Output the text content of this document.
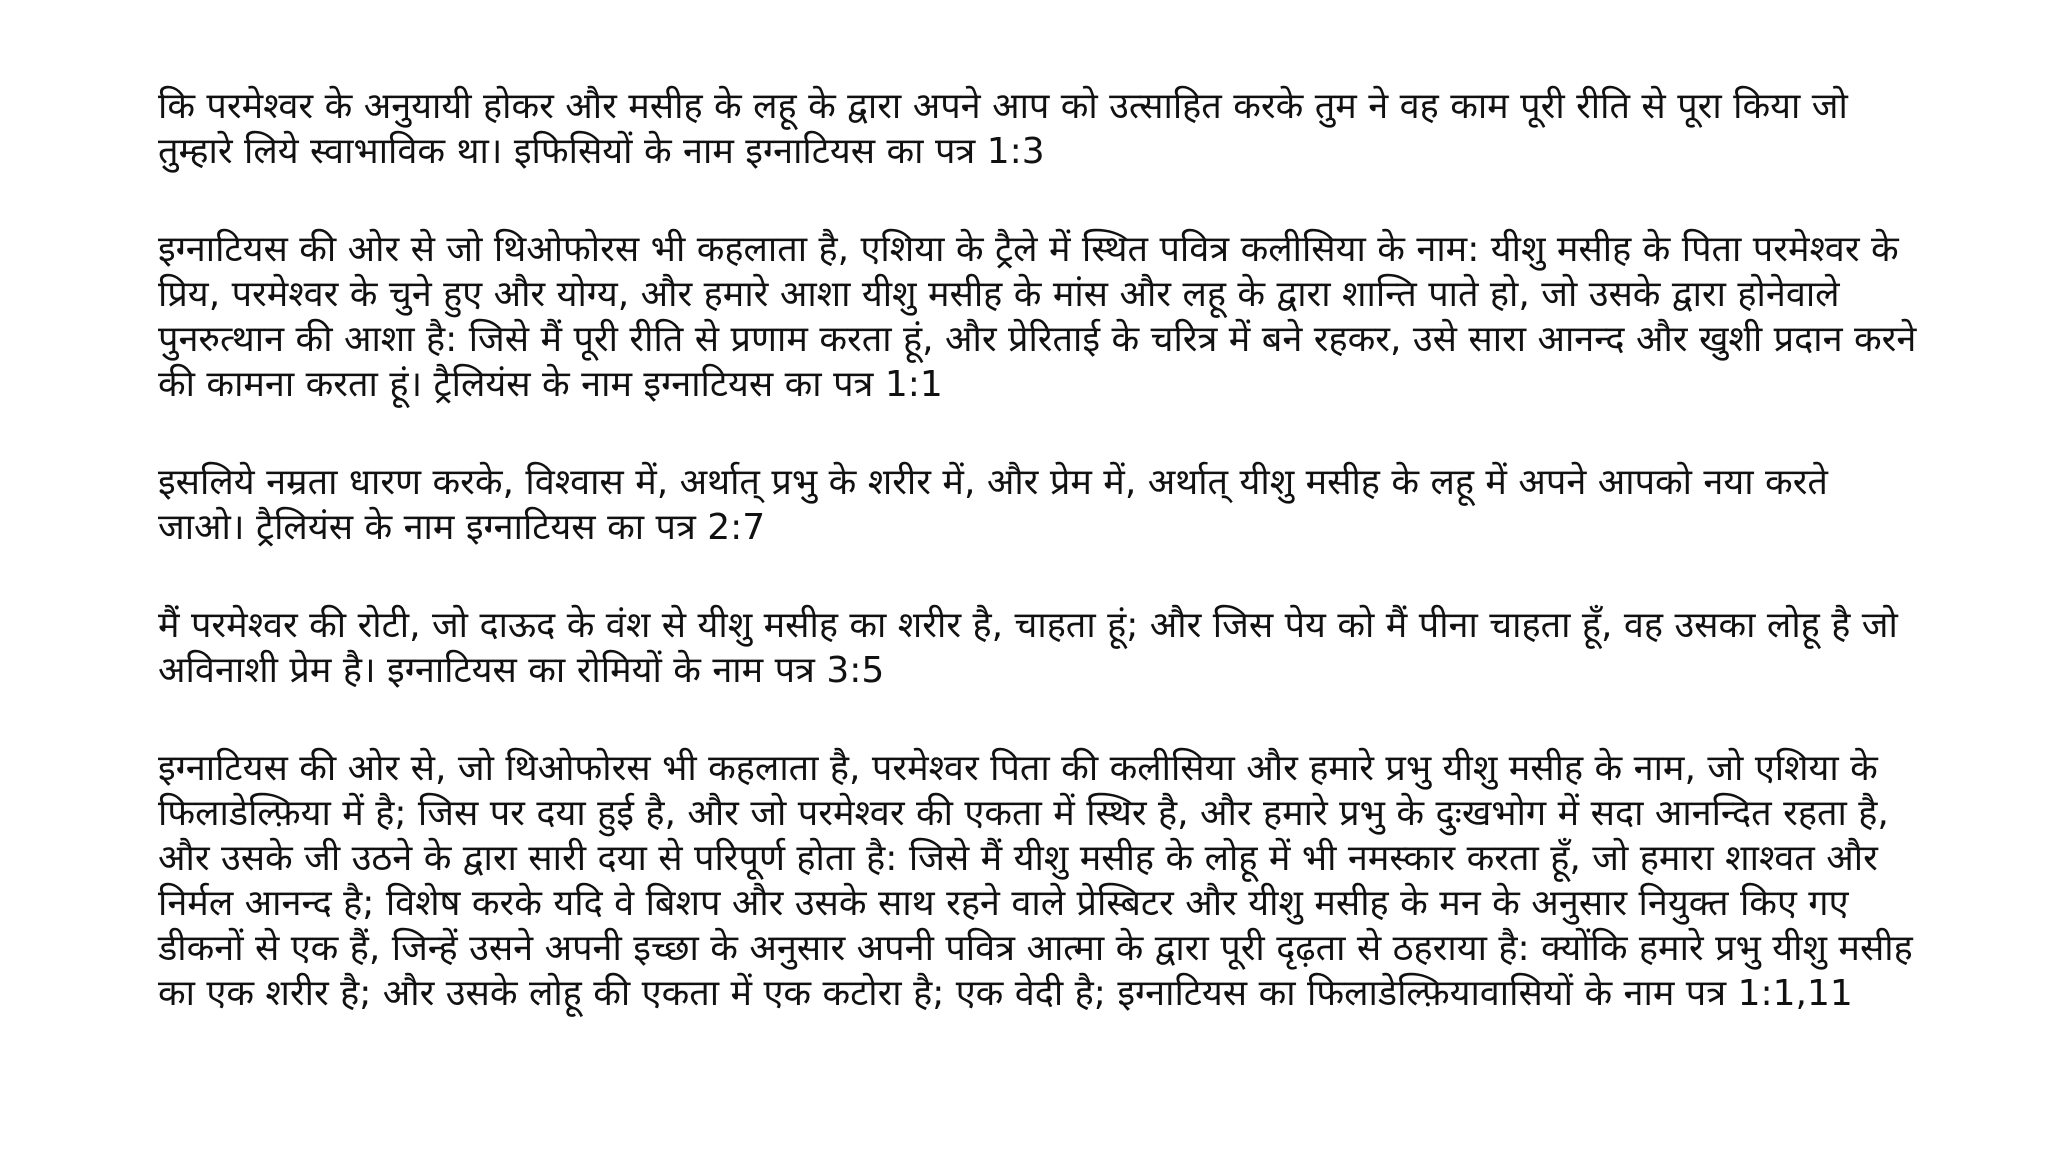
कि परमेश्वर के अनुयायी होकर और मसीह के लहू के द्वारा अपने आप को उत्साहित करके तुम ने वह काम पूरी रीति से पूरा किया जो तुम्हारे लिये स्वाभाविक था। इफिसियों के नाम इग्नाटियस का पत्र 1:3

इग्नाटियस की ओर से जो थिओफोरस भी कहलाता है, एशिया के ट्रैले में स्थित पवित्र कलीसिया के नाम: यीशु मसीह के पिता परमेश्वर के प्रिय, परमेश्वर के चुने हुए और योग्य, और हमारे आशा यीशु मसीह के मांस और लहू के द्वारा शान्ति पाते हो, जो उसके द्वारा होनेवाले पुनरुत्थान की आशा है: जिसे मैं पूरी रीति से प्रणाम करता हूं, और प्रेरिताई के चरित्र में बने रहकर, उसे सारा आनन्द और खुशी प्रदान करने की कामना करता हूं। ट्रैलियंस के नाम इग्नाटियस का पत्र 1:1

इसलिये नम्रता धारण करके, विश्वास में, अर्थात् प्रभु के शरीर में, और प्रेम में, अर्थात् यीशु मसीह के लहू में अपने आपको नया करते जाओ। ट्रैलियंस के नाम इग्नाटियस का पत्र 2:7

मैं परमेश्वर की रोटी, जो दाऊद के वंश से यीशु मसीह का शरीर है, चाहता हूं; और जिस पेय को मैं पीना चाहता हूँ, वह उसका लोहू है जो अविनाशी प्रेम है। इग्नाटियस का रोमियों के नाम पत्र 3:5

इग्नाटियस की ओर से, जो थिओफोरस भी कहलाता है, परमेश्वर पिता की कलीसिया और हमारे प्रभु यीशु मसीह के नाम, जो एशिया के फिलाडेल्फ़िया में है; जिस पर दया हुई है, और जो परमेश्वर की एकता में स्थिर है, और हमारे प्रभु के दुःखभोग में सदा आनन्दित रहता है, और उसके जी उठने के द्वारा सारी दया से परिपूर्ण होता है: जिसे मैं यीशु मसीह के लोहू में भी नमस्कार करता हूँ, जो हमारा शाश्वत और निर्मल आनन्द है; विशेष करके यदि वे बिशप और उसके साथ रहने वाले प्रेस्बिटर और यीशु मसीह के मन के अनुसार नियुक्त किए गए डीकनों से एक हैं, जिन्हें उसने अपनी इच्छा के अनुसार अपनी पवित्र आत्मा के द्वारा पूरी दृढ़ता से ठहराया है: क्योंकि हमारे प्रभु यीशु मसीह का एक शरीर है; और उसके लोहू की एकता में एक कटोरा है; एक वेदी है; इग्नाटियस का फिलाडेल्फ़ियावासियों के नाम पत्र 1:1,11
